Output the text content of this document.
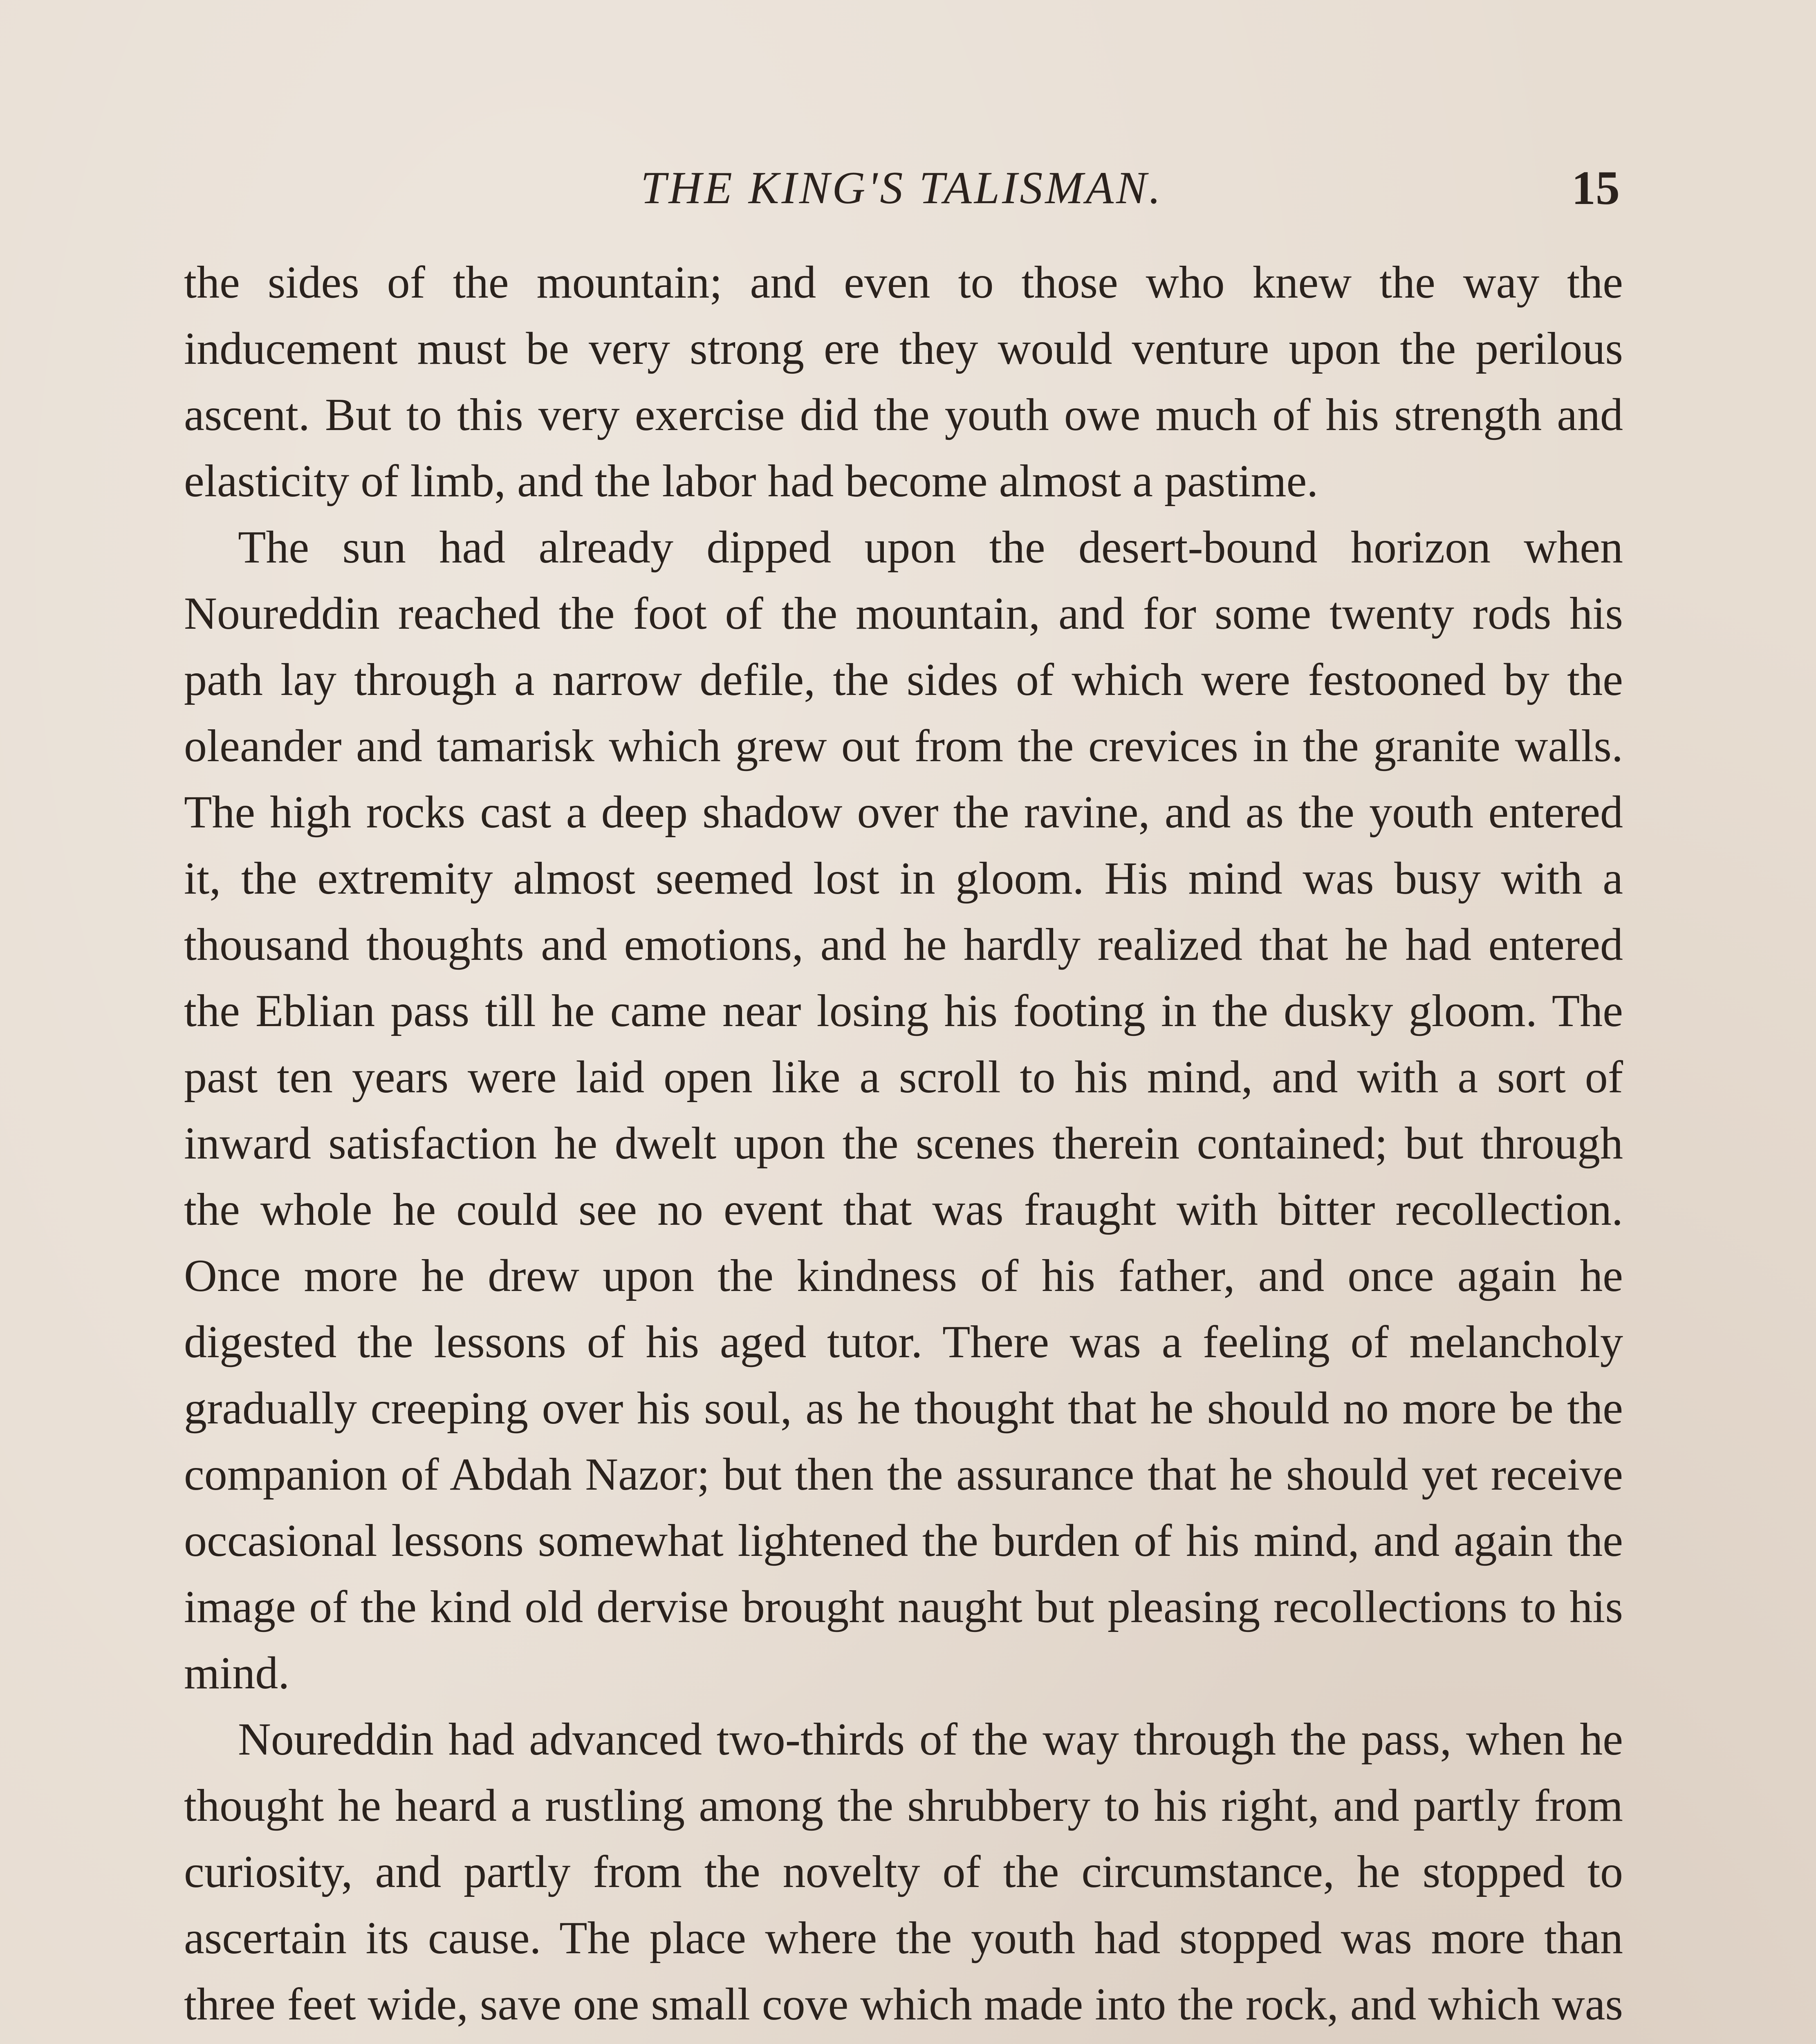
THE KING'S TALISMAN.	15

the sides of the mountain; and even to those who knew the way the inducement must be very strong ere they would venture upon the perilous ascent. But to this very exercise did the youth owe much of his strength and elasticity of limb, and the labor had become almost a pastime.

The sun had already dipped upon the desert-bound horizon when Noureddin reached the foot of the mountain, and for some twenty rods his path lay through a narrow defile, the sides of which were festooned by the oleander and tamarisk which grew out from the crevices in the granite walls. The high rocks cast a deep shadow over the ravine, and as the youth entered it, the extremity almost seemed lost in gloom. His mind was busy with a thousand thoughts and emotions, and he hardly realized that he had entered the Eblian pass till he came near losing his footing in the dusky gloom. The past ten years were laid open like a scroll to his mind, and with a sort of inward satisfaction he dwelt upon the scenes therein contained; but through the whole he could see no event that was fraught with bitter recollection. Once more he drew upon the kindness of his father, and once again he digested the lessons of his aged tutor. There was a feeling of melancholy gradually creeping over his soul, as he thought that he should no more be the companion of Abdah Nazor; but then the assurance that he should yet receive occasional lessons somewhat lightened the burden of his mind, and again the image of the kind old dervise brought naught but pleasing recollections to his mind.

Noureddin had advanced two-thirds of the way through the pass, when he thought he heard a rustling among the shrubbery to his right, and partly from curiosity, and partly from the novelty of the circumstance, he stopped to ascertain its cause. The place where the youth had stopped was more than three feet wide, save one small cove which made into the rock, and which was
